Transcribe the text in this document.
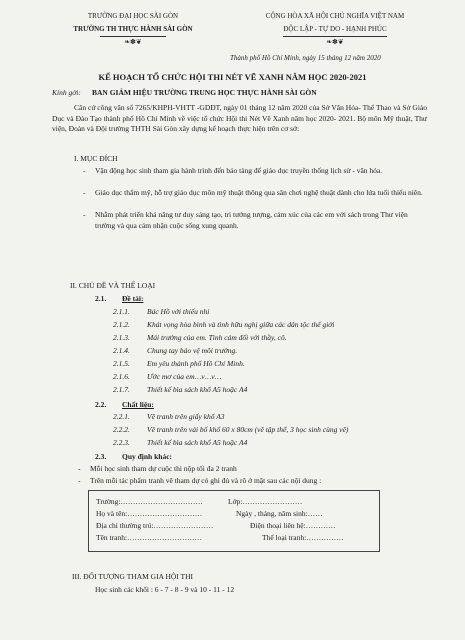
TRƯỜNG ĐẠI HỌC SÀI GÒN
TRƯỜNG TH THỰC HÀNH SÀI GÒN
❧✽❦
CỘNG HÒA XÃ HỘI CHỦ NGHĨA VIỆT NAM
ĐỘC LẬP - TỰ DO - HẠNH PHÚC
❧✽❦
Thành phố Hồ Chí Minh, ngày 15 tháng 12 năm 2020
KẾ HOẠCH TỔ CHỨC HỘI THI NÉT VẼ XANH NĂM HỌC 2020-2021
Kính gởi: BAN GIÁM HIỆU TRƯỜNG TRUNG HỌC THỰC HÀNH SÀI GÒN
Căn cứ công văn số 7265/KHPH-VHTT -GDĐT, ngày 01 tháng 12 năm 2020 của Sở Văn Hóa- Thể Thao và Sở Giáo Dục và Đào Tạo thành phố Hồ Chí Minh về việc tổ chức Hội thi Nét Vẽ Xanh năm học 2020- 2021. Bộ môn Mỹ thuật, Thư viện, Đoàn và Đội trường THTH Sài Gòn xây dựng kế hoạch thực hiện trên cơ sở:
I. MỤC ĐÍCH
- Vận động học sinh tham gia hành trình đến bảo tàng để giáo dục truyền thống lịch sử - văn hóa.
- Giáo dục thẩm mỹ, hỗ trợ giáo dục môn mỹ thuật thông qua sân chơi nghệ thuật dành cho lứa tuổi thiếu niên.
- Nhằm phát triển khả năng tư duy sáng tạo, tri tưởng tượng, cảm xúc của các em với sách trong Thư viện trường và qua cảm nhận cuộc sống xung quanh.
II. CHỦ ĐỀ VÀ THỂ LOẠI
2.1. Đề tài:
2.1.1. Bác Hồ với thiếu nhi
2.1.2. Khát vọng hòa bình và tình hữu nghị giữa các dân tộc thế giới
2.1.3. Mái trường của em. Tình cảm đối với thầy, cô.
2.1.4. Chung tay bảo vệ môi trường.
2.1.5. Em yêu thành phố Hồ Chí Minh.
2.1.6. Ước mơ của em…v…v…
2.1.7. Thiết kế bìa sách khổ A5 hoặc A4
2.2. Chất liệu:
2.2.1. Vẽ tranh trên giấy khổ A3
2.2.2. Vẽ tranh trên vải bố khổ 60 x 80cm (vẽ tập thể, 3 học sinh cùng vẽ)
2.2.3. Thiết kế bìa sách khổ A5 hoặc A4
2.3. Quy định khác:
- Mỗi học sinh tham dự cuộc thi nộp tối đa 2 tranh
- Trên mỗi tác phẩm tranh vẽ tham dự có ghi đủ và rõ ở mặt sau các nội dung :
Trường:……………………………	Lớp:……………………
Họ và tên:…………………………	Ngày , tháng, năm sinh:……
Địa chỉ thường trú:……………………	Điện thoại liên hệ:…………
Tên tranh:…………………………	Thể loại tranh:……………
III. ĐỐI TƯỢNG THAM GIA HỘI THI
Học sinh các khối : 6 - 7 - 8 - 9 và 10 - 11 - 12
